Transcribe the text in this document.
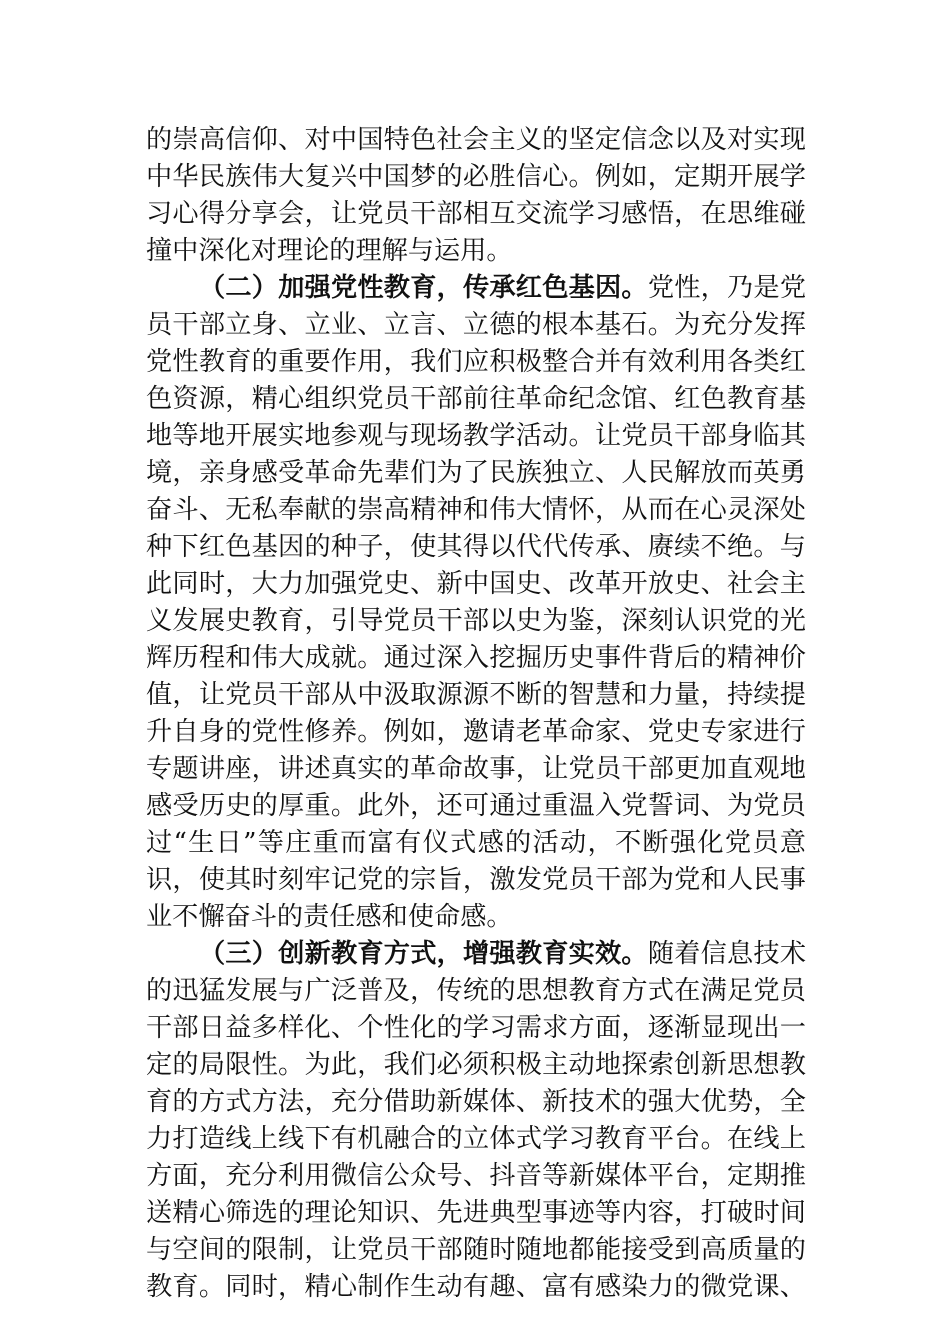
的崇高信仰、对中国特色社会主义的坚定信念以及对实现
中华民族伟大复兴中国梦的必胜信心。例如，定期开展学
习心得分享会，让党员干部相互交流学习感悟，在思维碰
撞中深化对理论的理解与运用。
（二）加强党性教育，传承红色基因。党性，乃是党
员干部立身、立业、立言、立德的根本基石。为充分发挥
党性教育的重要作用，我们应积极整合并有效利用各类红
色资源，精心组织党员干部前往革命纪念馆、红色教育基
地等地开展实地参观与现场教学活动。让党员干部身临其
境，亲身感受革命先辈们为了民族独立、人民解放而英勇
奋斗、无私奉献的崇高精神和伟大情怀，从而在心灵深处
种下红色基因的种子，使其得以代代传承、赓续不绝。与
此同时，大力加强党史、新中国史、改革开放史、社会主
义发展史教育，引导党员干部以史为鉴，深刻认识党的光
辉历程和伟大成就。通过深入挖掘历史事件背后的精神价
值，让党员干部从中汲取源源不断的智慧和力量，持续提
升自身的党性修养。例如，邀请老革命家、党史专家进行
专题讲座，讲述真实的革命故事，让党员干部更加直观地
感受历史的厚重。此外，还可通过重温入党誓词、为党员
过“生日”等庄重而富有仪式感的活动，不断强化党员意
识，使其时刻牢记党的宗旨，激发党员干部为党和人民事
业不懈奋斗的责任感和使命感。
（三）创新教育方式，增强教育实效。随着信息技术
的迅猛发展与广泛普及，传统的思想教育方式在满足党员
干部日益多样化、个性化的学习需求方面，逐渐显现出一
定的局限性。为此，我们必须积极主动地探索创新思想教
育的方式方法，充分借助新媒体、新技术的强大优势，全
力打造线上线下有机融合的立体式学习教育平台。在线上
方面，充分利用微信公众号、抖音等新媒体平台，定期推
送精心筛选的理论知识、先进典型事迹等内容，打破时间
与空间的限制，让党员干部随时随地都能接受到高质量的
教育。同时，精心制作生动有趣、富有感染力的微党课、
